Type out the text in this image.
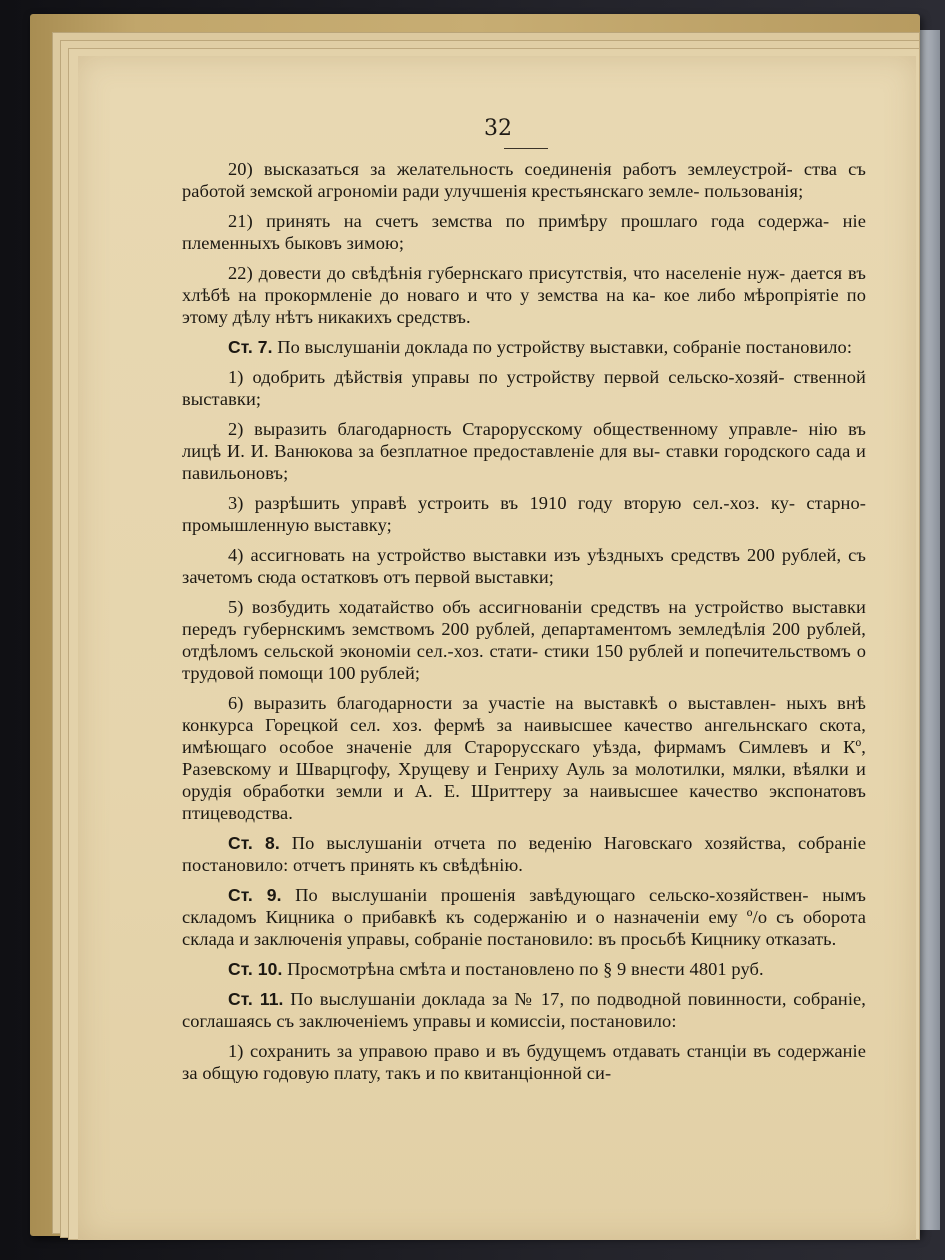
32

20) высказаться за желательность соединенія работъ землеустрой- ства съ работой земской агрономіи ради улучшенія крестьянскаго земле- пользованія;

21) принять на счетъ земства по примѣру прошлаго года содержа- ніе племенныхъ быковъ зимою;

22) довести до свѣдѣнія губернскаго присутствія, что населеніе нуж- дается въ хлѣбѣ на прокормленіе до новаго и что у земства на ка- кое либо мѣропріятіе по этому дѣлу нѣтъ никакихъ средствъ.

Ст. 7. По выслушаніи доклада по устройству выставки, собраніе постановило:

1) одобрить дѣйствія управы по устройству первой сельско-хозяй- ственной выставки;

2) выразить благодарность Старорусскому общественному управле- нію въ лицѣ И. И. Ванюкова за безплатное предоставленіе для вы- ставки городского сада и павильоновъ;

3) разрѣшить управѣ устроить въ 1910 году вторую сел.-хоз. ку- старно-промышленную выставку;

4) ассигновать на устройство выставки изъ уѣздныхъ средствъ 200 рублей, съ зачетомъ сюда остатковъ отъ первой выставки;

5) возбудить ходатайство объ ассигнованіи средствъ на устройство выставки передъ губернскимъ земствомъ 200 рублей, департаментомъ земледѣлія 200 рублей, отдѣломъ сельской экономіи сел.-хоз. стати- стики 150 рублей и попечительствомъ о трудовой помощи 100 рублей;

6) выразить благодарности за участіе на выставкѣ о выставлен- ныхъ внѣ конкурса Горецкой сел. хоз. фермѣ за наивысшее качество ангельнскаго скота, имѣющаго особое значеніе для Старорусскаго уѣзда, фирмамъ Симлевъ и Кº, Разевскому и Шварцгофу, Хрущеву и Генриху Ауль за молотилки, мялки, вѣялки и орудія обработки земли и А. Е. Шриттеру за наивысшее качество экспонатовъ птицеводства.

Ст. 8. По выслушаніи отчета по веденію Наговскаго хозяйства, собраніе постановило: отчетъ принять къ свѣдѣнію.

Ст. 9. По выслушаніи прошенія завѣдующаго сельско-хозяйствен- нымъ складомъ Кицника о прибавкѣ къ содержанію и о назначеніи ему º/о съ оборота склада и заключенія управы, собраніе постановило: въ просьбѣ Кицнику отказать.

Ст. 10. Просмотрѣна смѣта и постановлено по § 9 внести 4801 руб.

Ст. 11. По выслушаніи доклада за № 17, по подводной повинности, собраніе, соглашаясь съ заключеніемъ управы и комиссіи, постановило:

1) сохранить за управою право и въ будущемъ отдавать станціи въ содержаніе за общую годовую плату, такъ и по квитанціонной си-
